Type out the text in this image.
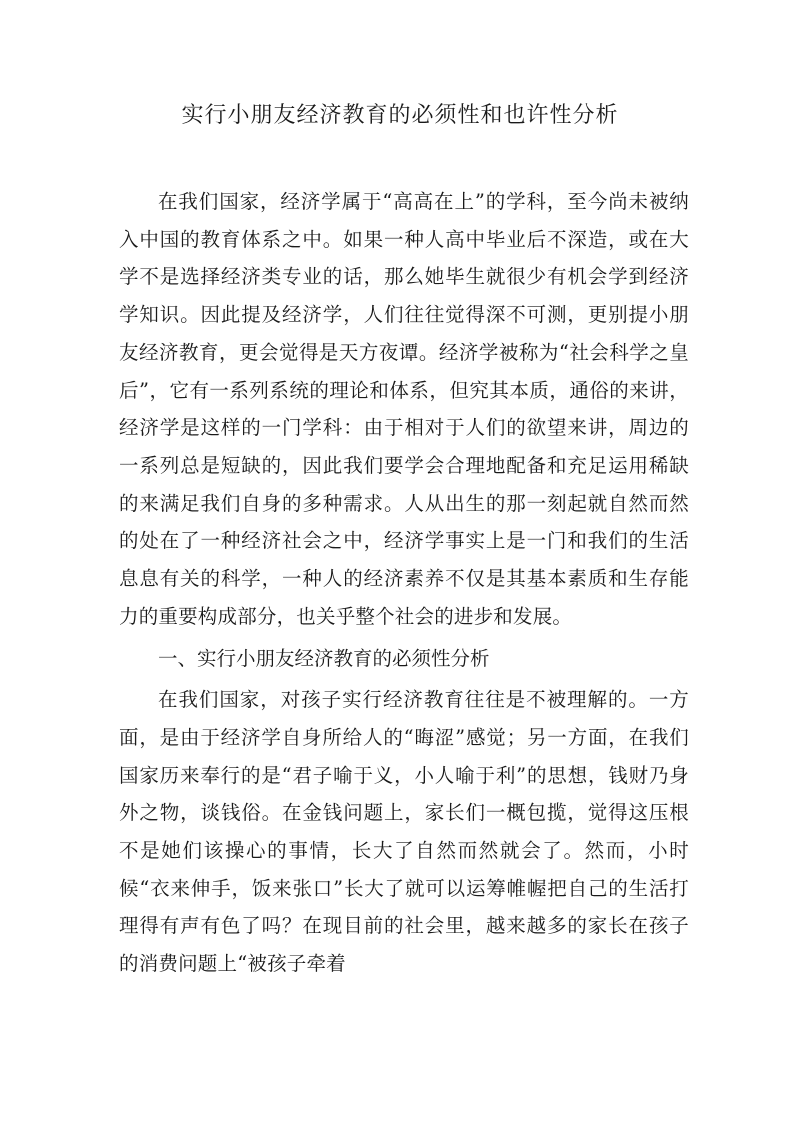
实行小朋友经济教育的必须性和也许性分析

在我们国家，经济学属于“高高在上”的学科，至今尚未被纳入中国的教育体系之中。如果一种人高中毕业后不深造，或在大学不是选择经济类专业的话，那么她毕生就很少有机会学到经济学知识。因此提及经济学，人们往往觉得深不可测，更别提小朋友经济教育，更会觉得是天方夜谭。经济学被称为“社会科学之皇后”，它有一系列系统的理论和体系，但究其本质，通俗的来讲，经济学是这样的一门学科：由于相对于人们的欲望来讲，周边的一系列总是短缺的，因此我们要学会合理地配备和充足运用稀缺的来满足我们自身的多种需求。人从出生的那一刻起就自然而然的处在了一种经济社会之中，经济学事实上是一门和我们的生活息息有关的科学，一种人的经济素养不仅是其基本素质和生存能力的重要构成部分，也关乎整个社会的进步和发展。

一、实行小朋友经济教育的必须性分析

在我们国家，对孩子实行经济教育往往是不被理解的。一方面，是由于经济学自身所给人的“晦涩”感觉；另一方面，在我们国家历来奉行的是“君子喻于义，小人喻于利”的思想，钱财乃身外之物，谈钱俗。在金钱问题上，家长们一概包揽，觉得这压根不是她们该操心的事情，长大了自然而然就会了。然而，小时候“衣来伸手，饭来张口”长大了就可以运筹帷幄把自己的生活打理得有声有色了吗？在现目前的社会里，越来越多的家长在孩子的消费问题上“被孩子牵着
